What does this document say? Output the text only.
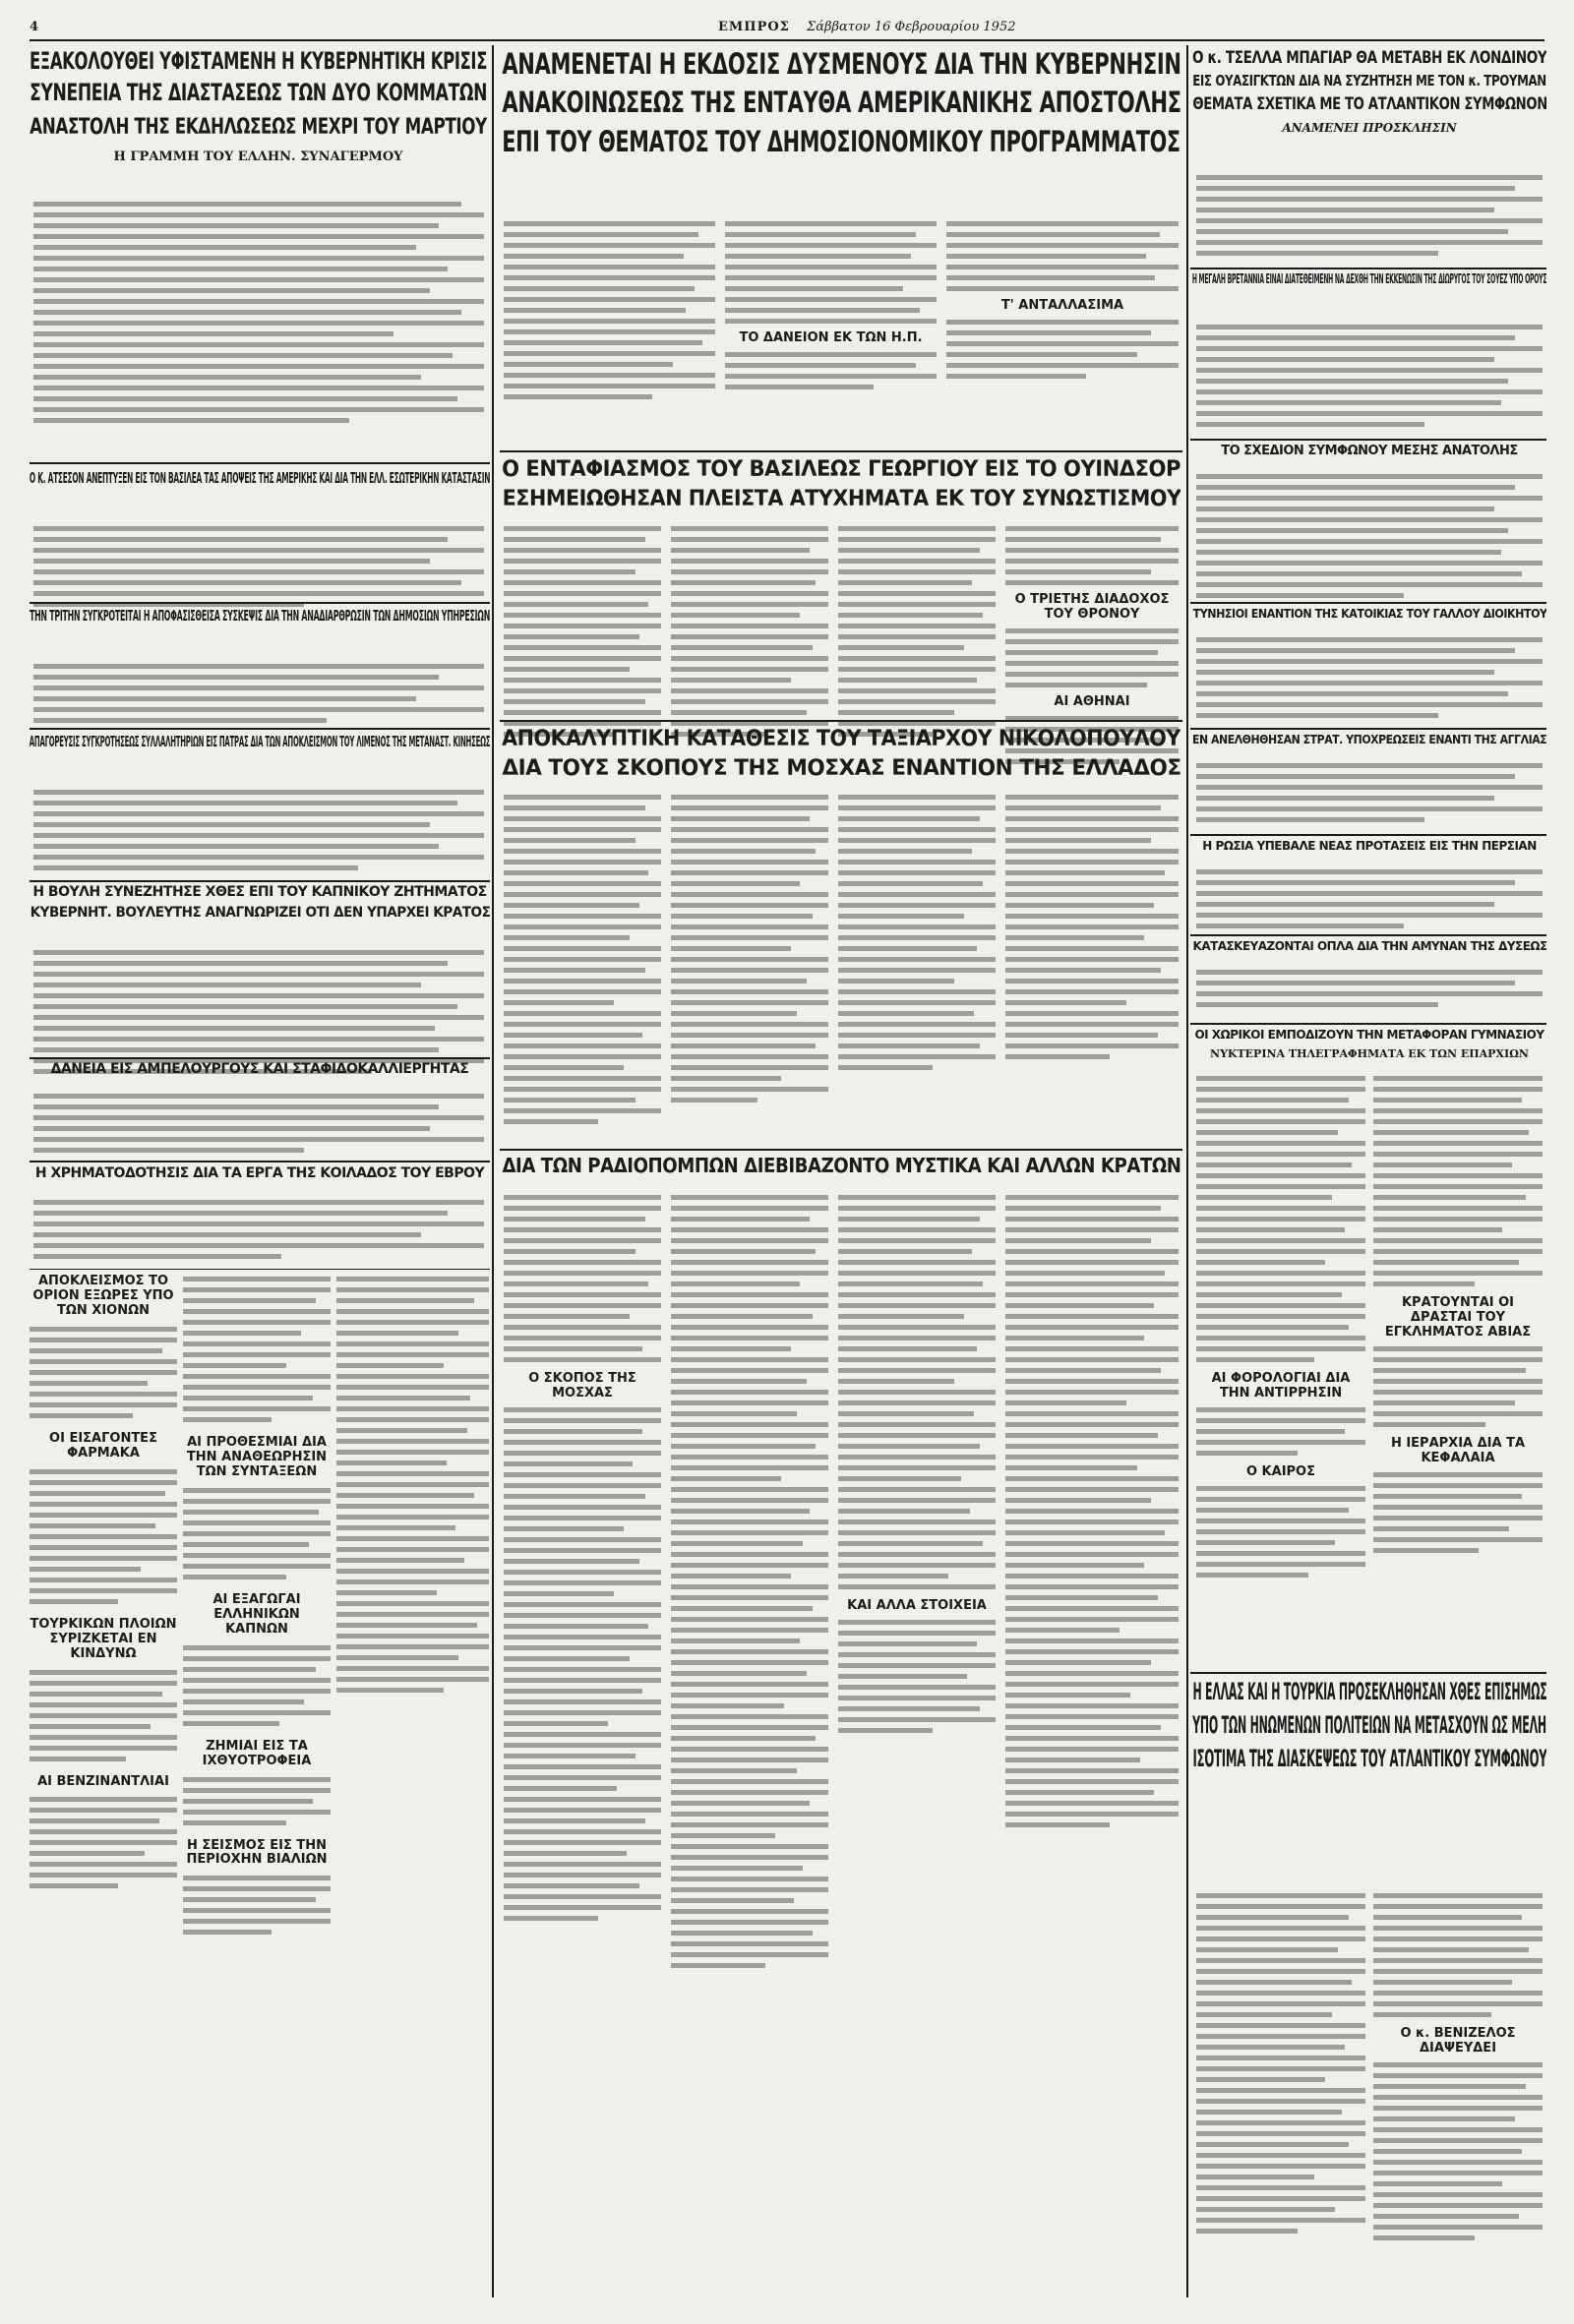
4	ΕΜΠΡΟΣ Σάββατον 16 Φεβρουαρίου 1952
ΕΞΑΚΟΛΟΥΘΕΙ ΥΦΙΣΤΑΜΕΝΗ Η ΚΥΒΕΡΝΗΤΙΚΗ ΚΡΙΣΙΣ
ΣΥΝΕΠΕΙΑ ΤΗΣ ΔΙΑΣΤΑΣΕΩΣ ΤΩΝ ΔΥΟ ΚΟΜΜΑΤΩΝ
ΑΝΑΣΤΟΛΗ ΤΗΣ ΕΚΔΗΛΩΣΕΩΣ ΜΕΧΡΙ ΤΟΥ ΜΑΡΤΙΟΥ
Η ΓΡΑΜΜΗ ΤΟΥ ΕΛΛΗΝ. ΣΥΝΑΓΕΡΜΟΥ
Ο Κ. ΑΤΣΕΣΟΝ ΑΝΕΠΤΥΞΕΝ ΕΙΣ ΤΟΝ ΒΑΣΙΛΕΑ ΤΑΣ ΑΠΟΨΕΙΣ ΤΗΣ ΑΜΕΡΙΚΗΣ ΚΑΙ ΔΙΑ ΤΗΝ ΕΛΛ. ΕΣΩΤΕΡΙΚΗΝ ΚΑΤΑΣΤΑΣΙΝ
ΤΗΝ ΤΡΙΤΗΝ ΣΥΓΚΡΟΤΕΙΤΑΙ Η ΑΠΟΦΑΣΙΣΘΕΙΣΑ ΣΥΣΚΕΨΙΣ ΔΙΑ ΤΗΝ ΑΝΑΔΙΑΡΘΡΩΣΙΝ ΤΩΝ ΔΗΜΟΣΙΩΝ ΥΠΗΡΕΣΙΩΝ
ΑΠΑΓΟΡΕΥΣΙΣ ΣΥΓΚΡΟΤΗΣΕΩΣ ΣΥΛΛΑΛΗΤΗΡΙΩΝ ΕΙΣ ΠΑΤΡΑΣ ΔΙΑ ΤΩΝ ΑΠΟΚΛΕΙΣΜΟΝ ΤΟΥ ΛΙΜΕΝΟΣ ΤΗΣ ΜΕΤΑΝΑΣΤ. ΚΙΝΗΣΕΩΣ
Η ΒΟΥΛΗ ΣΥΝΕΖΗΤΗΣΕ ΧΘΕΣ ΕΠΙ ΤΟΥ ΚΑΠΝΙΚΟΥ ΖΗΤΗΜΑΤΟΣ
ΚΥΒΕΡΝΗΤ. ΒΟΥΛΕΥΤΗΣ ΑΝΑΓΝΩΡΙΖΕΙ ΟΤΙ ΔΕΝ ΥΠΑΡΧΕΙ ΚΡΑΤΟΣ
ΔΑΝΕΙΑ ΕΙΣ ΑΜΠΕΛΟΥΡΓΟΥΣ ΚΑΙ ΣΤΑΦΙΔΟΚΑΛΛΙΕΡΓΗΤΑΣ
Η ΧΡΗΜΑΤΟΔΟΤΗΣΙΣ ΔΙΑ ΤΑ ΕΡΓΑ ΤΗΣ ΚΟΙΛΑΔΟΣ ΤΟΥ ΕΒΡΟΥ
ΑΠΟΚΛΕΙΣΜΟΣ ΤΟ ΟΡΙΟΝ ΕΞΩΡΕΣ ΥΠΟ ΤΩΝ ΧΙΟΝΩΝ
ΟΙ ΕΙΣΑΓΟΝΤΕΣ ΦΑΡΜΑΚΑ
ΤΟΥΡΚΙΚΩΝ ΠΛΟΙΩΝ ΣΥΡΙΖΚΕΤΑΙ ΕΝ ΚΙΝΔΥΝΩ
ΑΙ ΒΕΝΖΙΝΑΝΤΛΙΑΙ
ΑΙ ΠΡΟΘΕΣΜΙΑΙ ΔΙΑ ΤΗΝ ΑΝΑΘΕΩΡΗΣΙΝ ΤΩΝ ΣΥΝΤΑΞΕΩΝ
ΑΙ ΕΞΑΓΩΓΑΙ ΕΛΛΗΝΙΚΩΝ ΚΑΠΝΩΝ
ΖΗΜΙΑΙ ΕΙΣ ΤΑ ΙΧΘΥΟΤΡΟΦΕΙΑ
Η ΣΕΙΣΜΟΣ ΕΙΣ ΤΗΝ ΠΕΡΙΟΧΗΝ ΒΙΑΛΙΩΝ
ΑΝΑΜΕΝΕΤΑΙ Η ΕΚΔΟΣΙΣ ΔΥΣΜΕΝΟΥΣ ΔΙΑ ΤΗΝ ΚΥΒΕΡΝΗΣΙΝ
ΑΝΑΚΟΙΝΩΣΕΩΣ ΤΗΣ ΕΝΤΑΥΘΑ ΑΜΕΡΙΚΑΝΙΚΗΣ ΑΠΟΣΤΟΛΗΣ
ΕΠΙ ΤΟΥ ΘΕΜΑΤΟΣ ΤΟΥ ΔΗΜΟΣΙΟΝΟΜΙΚΟΥ ΠΡΟΓΡΑΜΜΑΤΟΣ
ΤΟ ΔΑΝΕΙΟΝ ΕΚ ΤΩΝ Η.Π.
Τ' ΑΝΤΑΛΛΑΣΙΜΑ
Ο ΕΝΤΑΦΙΑΣΜΟΣ ΤΟΥ ΒΑΣΙΛΕΩΣ ΓΕΩΡΓΙΟΥ ΕΙΣ ΤΟ ΟΥΙΝΔΣΟΡ
ΕΣΗΜΕΙΩΘΗΣΑΝ ΠΛΕΙΣΤΑ ΑΤΥΧΗΜΑΤΑ ΕΚ ΤΟΥ ΣΥΝΩΣΤΙΣΜΟΥ
Ο ΤΡΙΕΤΗΣ ΔΙΑΔΟΧΟΣ ΤΟΥ ΘΡΟΝΟΥ
ΑΙ ΑΘΗΝΑΙ
ΑΠΟΚΑΛΥΠΤΙΚΗ ΚΑΤΑΘΕΣΙΣ ΤΟΥ ΤΑΞΙΑΡΧΟΥ ΝΙΚΟΛΟΠΟΥΛΟΥ
ΔΙΑ ΤΟΥΣ ΣΚΟΠΟΥΣ ΤΗΣ ΜΟΣΧΑΣ ΕΝΑΝΤΙΟΝ ΤΗΣ ΕΛΛΑΔΟΣ
ΔΙΑ ΤΩΝ ΡΑΔΙΟΠΟΜΠΩΝ ΔΙΕΒΙΒΑΖΟΝΤΟ ΜΥΣΤΙΚΑ ΚΑΙ ΑΛΛΩΝ ΚΡΑΤΩΝ
Ο ΣΚΟΠΟΣ ΤΗΣ ΜΟΣΧΑΣ
ΚΑΙ ΑΛΛΑ ΣΤΟΙΧΕΙΑ
Ο κ. ΤΣΕΛΛΑ ΜΠΑΓΙΑΡ ΘΑ ΜΕΤΑΒΗ ΕΚ ΛΟΝΔΙΝΟΥ
ΕΙΣ ΟΥΑΣΙΓΚΤΩΝ ΔΙΑ ΝΑ ΣΥΖΗΤΗΣΗ ΜΕ ΤΟΝ κ. ΤΡΟΥΜΑΝ
ΘΕΜΑΤΑ ΣΧΕΤΙΚΑ ΜΕ ΤΟ ΑΤΛΑΝΤΙΚΟΝ ΣΥΜΦΩΝΟΝ
ΑΝΑΜΕΝΕΙ ΠΡΟΣΚΛΗΣΙΝ
Η ΜΕΓΑΛΗ ΒΡΕΤΑΝΝΙΑ ΕΙΝΑΙ ΔΙΑΤΕΘΕΙΜΕΝΗ ΝΑ ΔΕΧΘΗ ΤΗΝ ΕΚΚΕΝΩΣΙΝ ΤΗΣ ΔΙΩΡΥΓΟΣ ΤΟΥ ΣΟΥΕΖ ΥΠΟ ΟΡΟΥΣ
ΤΟ ΣΧΕΔΙΟΝ ΣΥΜΦΩΝΟΥ ΜΕΣΗΣ ΑΝΑΤΟΛΗΣ
ΤΥΝΗΣΙΟΙ ΕΝΑΝΤΙΟΝ ΤΗΣ ΚΑΤΟΙΚΙΑΣ ΤΟΥ ΓΑΛΛΟΥ ΔΙΟΙΚΗΤΟΥ
ΕΝ ΑΝΕΛΘΗΘΗΣΑΝ ΣΤΡΑΤ. ΥΠΟΧΡΕΩΣΕΙΣ ΕΝΑΝΤΙ ΤΗΣ ΑΓΓΛΙΑΣ
Η ΡΩΣΙΑ ΥΠΕΒΑΛΕ ΝΕΑΣ ΠΡΟΤΑΣΕΙΣ ΕΙΣ ΤΗΝ ΠΕΡΣΙΑΝ
ΚΑΤΑΣΚΕΥΑΖΟΝΤΑΙ ΟΠΛΑ ΔΙΑ ΤΗΝ ΑΜΥΝΑΝ ΤΗΣ ΔΥΣΕΩΣ
ΟΙ ΧΩΡΙΚΟΙ ΕΜΠΟΔΙΖΟΥΝ ΤΗΝ ΜΕΤΑΦΟΡΑΝ ΓΥΜΝΑΣΙΟΥ
ΝΥΚΤΕΡΙΝΑ ΤΗΛΕΓΡΑΦΗΜΑΤΑ ΕΚ ΤΩΝ ΕΠΑΡΧΙΩΝ
ΑΙ ΦΟΡΟΛΟΓΙΑΙ ΔΙΑ ΤΗΝ ΑΝΤΙΡΡΗΣΙΝ
Ο ΚΑΙΡΟΣ
ΚΡΑΤΟΥΝΤΑΙ ΟΙ ΔΡΑΣΤΑΙ ΤΟΥ ΕΓΚΛΗΜΑΤΟΣ ΑΒΙΑΣ
Η ΙΕΡΑΡΧΙΑ ΔΙΑ ΤΑ ΚΕΦΑΛΑΙΑ
Η ΕΛΛΑΣ ΚΑΙ Η ΤΟΥΡΚΙΑ ΠΡΟΣΕΚΛΗΘΗΣΑΝ ΧΘΕΣ ΕΠΙΣΗΜΩΣ
ΥΠΟ ΤΩΝ ΗΝΩΜΕΝΩΝ ΠΟΛΙΤΕΙΩΝ ΝΑ ΜΕΤΑΣΧΟΥΝ ΩΣ ΜΕΛΗ
ΙΣΟΤΙΜΑ ΤΗΣ ΔΙΑΣΚΕΨΕΩΣ ΤΟΥ ΑΤΛΑΝΤΙΚΟΥ ΣΥΜΦΩΝΟΥ
Ο κ. ΒΕΝΙΖΕΛΟΣ ΔΙΑΨΕΥΔΕΙ
